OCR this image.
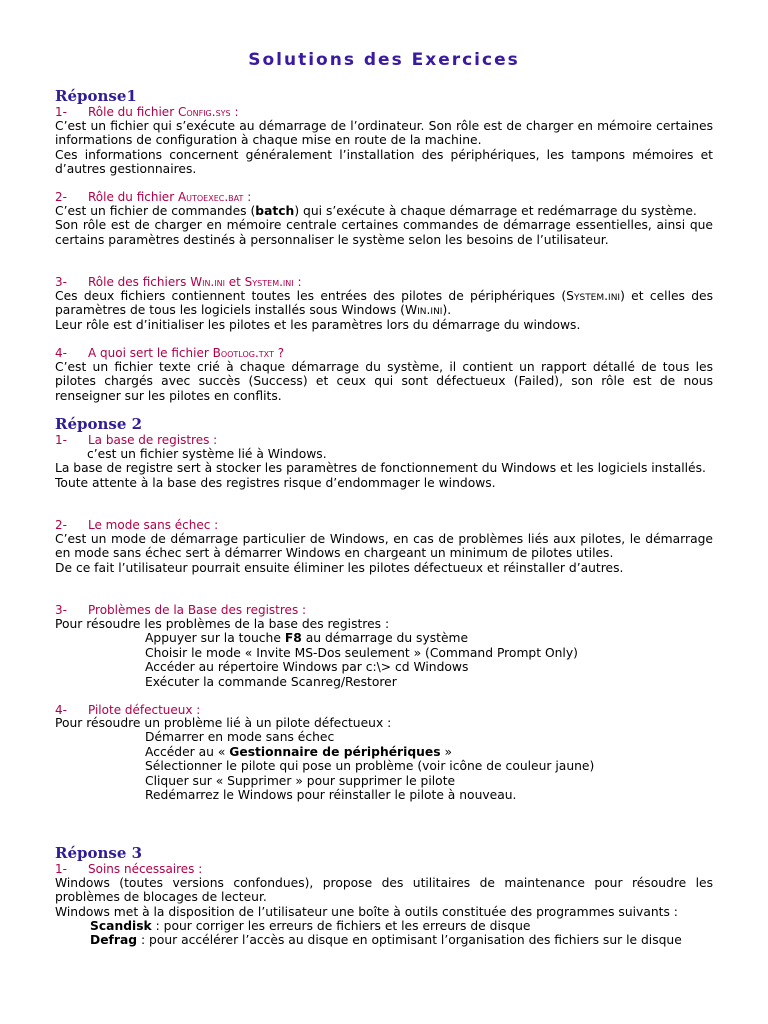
Solutions des Exercices
Réponse1
1- Rôle du fichier Config.sys :

C’est un fichier qui s’exécute au démarrage de l’ordinateur. Son rôle est de charger en mémoire certaines informations de configuration à chaque mise en route de la machine.

Ces informations concernent généralement l’installation des périphériques, les tampons mémoires et d’autres gestionnaires.

2- Rôle du fichier Autoexec.bat :

C’est un fichier de commandes (batch) qui s’exécute à chaque démarrage et redémarrage du système.

Son rôle est de charger en mémoire centrale certaines commandes de démarrage essentielles, ainsi que certains paramètres destinés à personnaliser le système selon les besoins de l’utilisateur.

3- Rôle des fichiers Win.ini et System.ini :

Ces deux fichiers contiennent toutes les entrées des pilotes de périphériques (System.ini) et celles des paramètres de tous les logiciels installés sous Windows (Win.ini).

Leur rôle est d’initialiser les pilotes et les paramètres lors du démarrage du windows.

4- A quoi sert le fichier Bootlog.txt ?

C’est un fichier texte crié à chaque démarrage du système, il contient un rapport détallé de tous les pilotes chargés avec succès (Success) et ceux qui sont défectueux (Failed), son rôle est de nous renseigner sur les pilotes en conflits.

Réponse 2
1- La base de registres :

c’est un fichier système lié à Windows.

La base de registre sert à stocker les paramètres de fonctionnement du Windows et les logiciels installés.

Toute attente à la base des registres risque d’endommager le windows.

2- Le mode sans échec :

C’est un mode de démarrage particulier de Windows, en cas de problèmes liés aux pilotes, le démarrage en mode sans échec sert à démarrer Windows en chargeant un minimum de pilotes utiles.

De ce fait l’utilisateur pourrait ensuite éliminer les pilotes défectueux et réinstaller d’autres.

3- Problèmes de la Base des registres :
Pour résoudre les problèmes de la base des registres :

Appuyer sur la touche F8 au démarrage du système

Choisir le mode « Invite MS-Dos seulement » (Command Prompt Only)

Accéder au répertoire Windows par c:\> cd Windows

Exécuter la commande Scanreg/Restorer

4- Pilote défectueux :
Pour résoudre un problème lié à un pilote défectueux :

Démarrer en mode sans échec

Accéder au « Gestionnaire de périphériques »

Sélectionner le pilote qui pose un problème (voir icône de couleur jaune)

Cliquer sur « Supprimer » pour supprimer le pilote

Redémarrez le Windows pour réinstaller le pilote à nouveau.

Réponse 3
1- Soins nécessaires :

Windows (toutes versions confondues), propose des utilitaires de maintenance pour résoudre les problèmes de blocages de lecteur.

Windows met à la disposition de l’utilisateur une boîte à outils constituée des programmes suivants :

Scandisk : pour corriger les erreurs de fichiers et les erreurs de disque

Defrag : pour accélérer l’accès au disque en optimisant l’organisation des fichiers sur le disque
